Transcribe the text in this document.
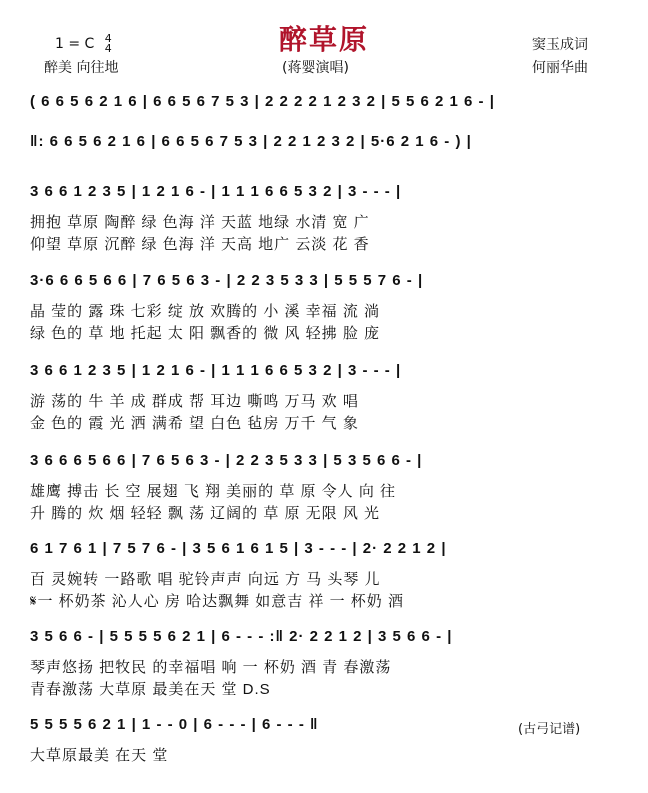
醉草原
1 = C 4
4
醉美 向往地	(蒋婴演唱)
窦玉成词
何丽华曲
( 6 6 5 6 2 1 6 | 6 6 5 6 7 5 3 | 2 2 2 2 1 2 3 2 | 5 5 6 2 1 6 - |
‖: 6 6 5 6 2 1 6 | 6 6 5 6 7 5 3 | 2 2 1 2 3 2 | 5·6 2 1 6 - ) |
3 6 6 1 2 3 5 | 1 2 1 6 - | 1 1 1 6 6 5 3 2 | 3 - - - |
拥抱 草原 陶醉 绿 色海 洋 天蓝 地绿 水清 宽 广
仰望 草原 沉醉 绿 色海 洋 天高 地广 云淡 花 香
3·6 6 6 5 6 6 | 7 6 5 6 3 - | 2 2 3 5 3 3 | 5 5 5 7 6 - |
晶 莹的 露 珠 七彩 绽 放 欢腾的 小 溪 幸福 流 淌
绿 色的 草 地 托起 太 阳 飘香的 微 风 轻拂 脸 庞
3 6 6 1 2 3 5 | 1 2 1 6 - | 1 1 1 6 6 5 3 2 | 3 - - - |
游 荡的 牛 羊 成 群成 帮 耳边 嘶鸣 万马 欢 唱
金 色的 霞 光 洒 满希 望 白色 毡房 万千 气 象
3 6 6 6 5 6 6 | 7 6 5 6 3 - | 2 2 3 5 3 3 | 5 3 5 6 6 - |
雄鹰 搏击 长 空 展翅 飞 翔 美丽的 草 原 令人 向 往
升 腾的 炊 烟 轻轻 飘 荡 辽阔的 草 原 无限 风 光
6 1 7 6 1 | 7 5 7 6 - | 3 5 6 1 6 1 5 | 3 - - - | 2· 2 2 1 2 |
百 灵婉转 一路歌 唱 驼铃声声 向远 方 马 头琴 儿
𝄋一 杯奶茶 沁人心 房 哈达飘舞 如意吉 祥 一 杯奶 酒
3 5 6 6 - | 5 5 5 5 6 2 1 | 6 - - - :‖ 2· 2 2 1 2 | 3 5 6 6 - |
琴声悠扬 把牧民 的幸福唱 响 一 杯奶 酒 青 春激荡
青春激荡 大草原 最美在天 堂 D.S
5 5 5 5 6 2 1 | 1 - - 0 | 6 - - - | 6 - - - ‖
大草原最美 在天 堂
(古弓记谱)
